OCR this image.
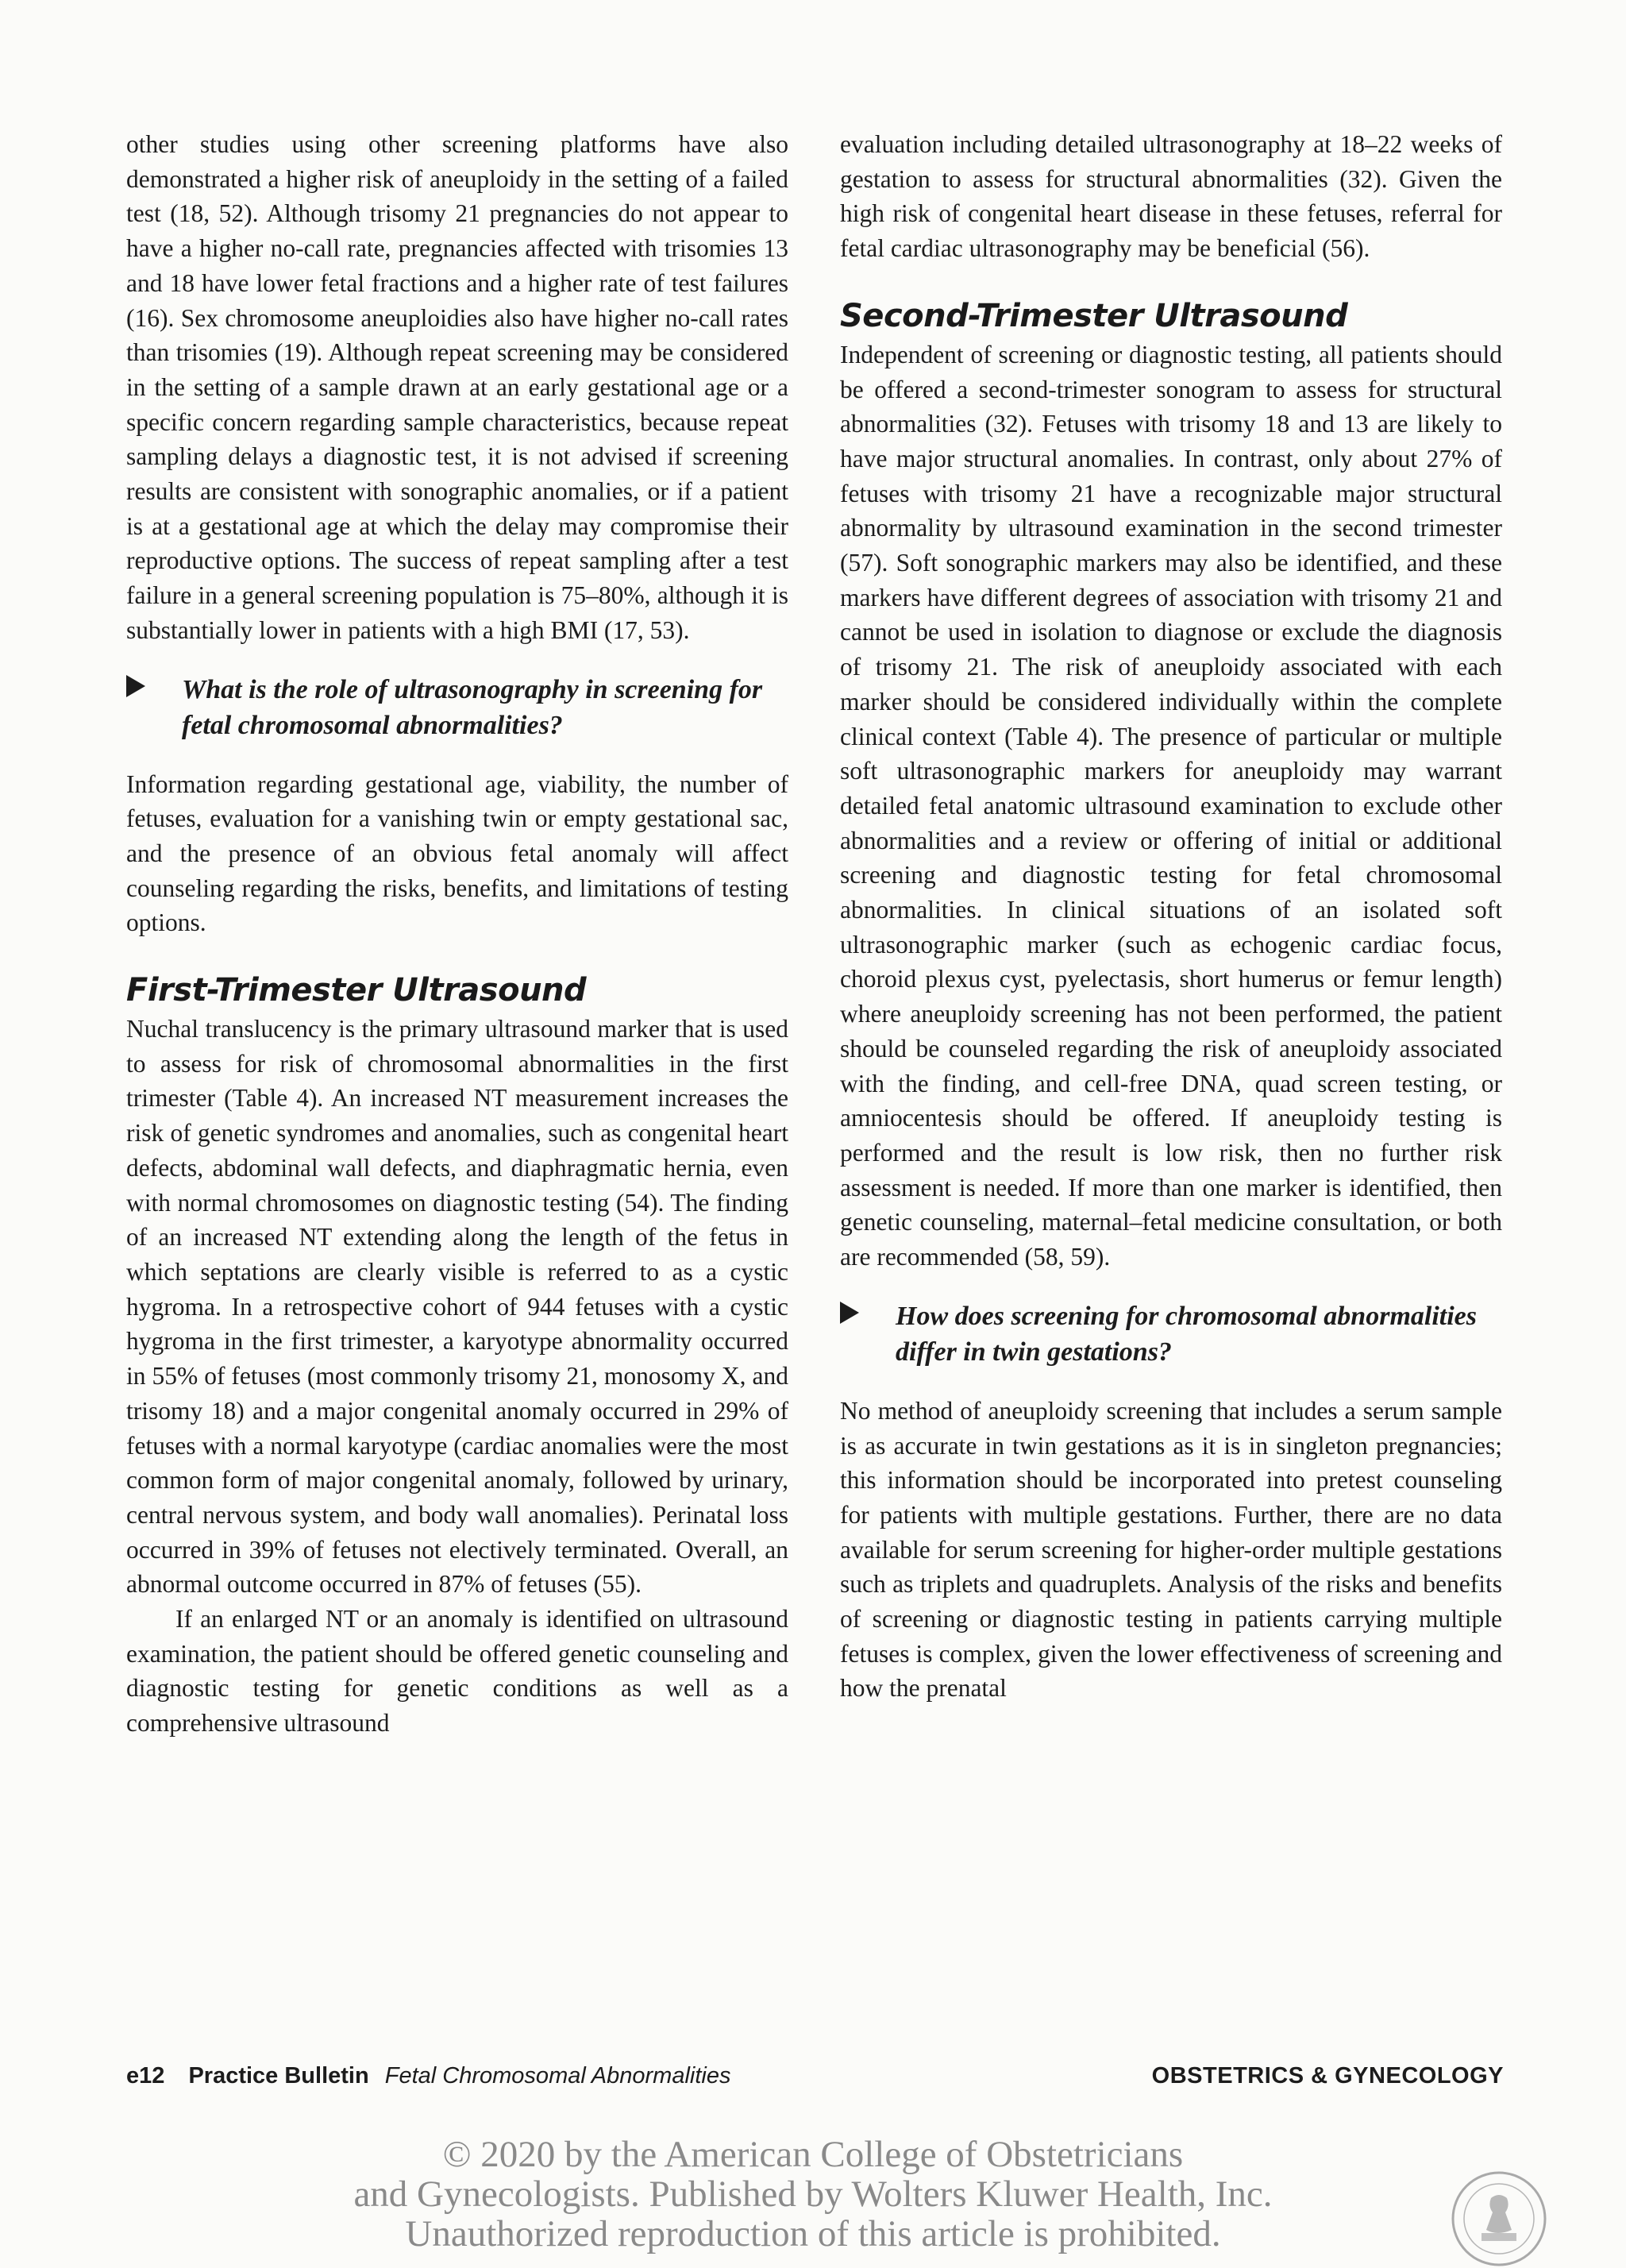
other studies using other screening platforms have also demonstrated a higher risk of aneuploidy in the setting of a failed test (18, 52). Although trisomy 21 pregnancies do not appear to have a higher no-call rate, pregnancies affected with trisomies 13 and 18 have lower fetal fractions and a higher rate of test failures (16). Sex chromosome aneuploidies also have higher no-call rates than trisomies (19). Although repeat screening may be considered in the setting of a sample drawn at an early gestational age or a specific concern regarding sample characteristics, because repeat sampling delays a diagnostic test, it is not advised if screening results are consistent with sonographic anomalies, or if a patient is at a gestational age at which the delay may compromise their reproductive options. The success of repeat sampling after a test failure in a general screening population is 75–80%, although it is substantially lower in patients with a high BMI (17, 53).

What is the role of ultrasonography in screening for fetal chromosomal abnormalities?

Information regarding gestational age, viability, the number of fetuses, evaluation for a vanishing twin or empty gestational sac, and the presence of an obvious fetal anomaly will affect counseling regarding the risks, benefits, and limitations of testing options.

First-Trimester Ultrasound

Nuchal translucency is the primary ultrasound marker that is used to assess for risk of chromosomal abnormalities in the first trimester (Table 4). An increased NT measurement increases the risk of genetic syndromes and anomalies, such as congenital heart defects, abdominal wall defects, and diaphragmatic hernia, even with normal chromosomes on diagnostic testing (54). The finding of an increased NT extending along the length of the fetus in which septations are clearly visible is referred to as a cystic hygroma. In a retrospective cohort of 944 fetuses with a cystic hygroma in the first trimester, a karyotype abnormality occurred in 55% of fetuses (most commonly trisomy 21, monosomy X, and trisomy 18) and a major congenital anomaly occurred in 29% of fetuses with a normal karyotype (cardiac anomalies were the most common form of major congenital anomaly, followed by urinary, central nervous system, and body wall anomalies). Perinatal loss occurred in 39% of fetuses not electively terminated. Overall, an abnormal outcome occurred in 87% of fetuses (55).

If an enlarged NT or an anomaly is identified on ultrasound examination, the patient should be offered genetic counseling and diagnostic testing for genetic conditions as well as a comprehensive ultrasound

evaluation including detailed ultrasonography at 18–22 weeks of gestation to assess for structural abnormalities (32). Given the high risk of congenital heart disease in these fetuses, referral for fetal cardiac ultrasonography may be beneficial (56).

Second-Trimester Ultrasound

Independent of screening or diagnostic testing, all patients should be offered a second-trimester sonogram to assess for structural abnormalities (32). Fetuses with trisomy 18 and 13 are likely to have major structural anomalies. In contrast, only about 27% of fetuses with trisomy 21 have a recognizable major structural abnormality by ultrasound examination in the second trimester (57). Soft sonographic markers may also be identified, and these markers have different degrees of association with trisomy 21 and cannot be used in isolation to diagnose or exclude the diagnosis of trisomy 21. The risk of aneuploidy associated with each marker should be considered individually within the complete clinical context (Table 4). The presence of particular or multiple soft ultrasonographic markers for aneuploidy may warrant detailed fetal anatomic ultrasound examination to exclude other abnormalities and a review or offering of initial or additional screening and diagnostic testing for fetal chromosomal abnormalities. In clinical situations of an isolated soft ultrasonographic marker (such as echogenic cardiac focus, choroid plexus cyst, pyelectasis, short humerus or femur length) where aneuploidy screening has not been performed, the patient should be counseled regarding the risk of aneuploidy associated with the finding, and cell-free DNA, quad screen testing, or amniocentesis should be offered. If aneuploidy testing is performed and the result is low risk, then no further risk assessment is needed. If more than one marker is identified, then genetic counseling, maternal–fetal medicine consultation, or both are recommended (58, 59).

How does screening for chromosomal abnormalities differ in twin gestations?

No method of aneuploidy screening that includes a serum sample is as accurate in twin gestations as it is in singleton pregnancies; this information should be incorporated into pretest counseling for patients with multiple gestations. Further, there are no data available for serum screening for higher-order multiple gestations such as triplets and quadruplets. Analysis of the risks and benefits of screening or diagnostic testing in patients carrying multiple fetuses is complex, given the lower effectiveness of screening and how the prenatal

e12 Practice Bulletin Fetal Chromosomal Abnormalities	OBSTETRICS & GYNECOLOGY
© 2020 by the American College of Obstetricians
and Gynecologists. Published by Wolters Kluwer Health, Inc.
Unauthorized reproduction of this article is prohibited.
